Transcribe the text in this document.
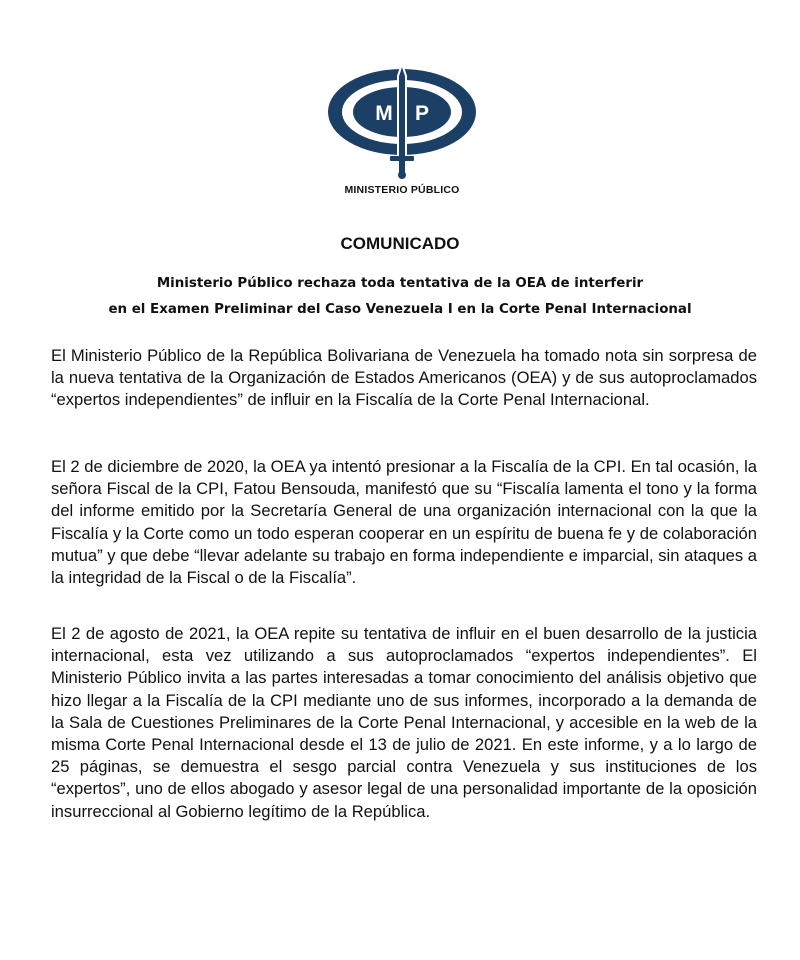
M P
MINISTERIO PÚBLICO
COMUNICADO
Ministerio Público rechaza toda tentativa de la OEA de interferir
en el Examen Preliminar del Caso Venezuela I en la Corte Penal Internacional

El Ministerio Público de la República Bolivariana de Venezuela ha tomado nota sin sorpresa de la nueva tentativa de la Organización de Estados Americanos (OEA) y de sus autoproclamados “expertos independientes” de influir en la Fiscalía de la Corte Penal Internacional.

El 2 de diciembre de 2020, la OEA ya intentó presionar a la Fiscalía de la CPI. En tal ocasión, la señora Fiscal de la CPI, Fatou Bensouda, manifestó que su “Fiscalía lamenta el tono y la forma del informe emitido por la Secretaría General de una organización internacional con la que la Fiscalía y la Corte como un todo esperan cooperar en un espíritu de buena fe y de colaboración mutua” y que debe “llevar adelante su trabajo en forma independiente e imparcial, sin ataques a la integridad de la Fiscal o de la Fiscalía”.

El 2 de agosto de 2021, la OEA repite su tentativa de influir en el buen desarrollo de la justicia internacional, esta vez utilizando a sus autoproclamados “expertos independientes”. El Ministerio Público invita a las partes interesadas a tomar conocimiento del análisis objetivo que hizo llegar a la Fiscalía de la CPI mediante uno de sus informes, incorporado a la demanda de la Sala de Cuestiones Preliminares de la Corte Penal Internacional, y accesible en la web de la misma Corte Penal Internacional desde el 13 de julio de 2021. En este informe, y a lo largo de 25 páginas, se demuestra el sesgo parcial contra Venezuela y sus instituciones de los “expertos”, uno de ellos abogado y asesor legal de una personalidad importante de la oposición insurreccional al Gobierno legítimo de la República.
